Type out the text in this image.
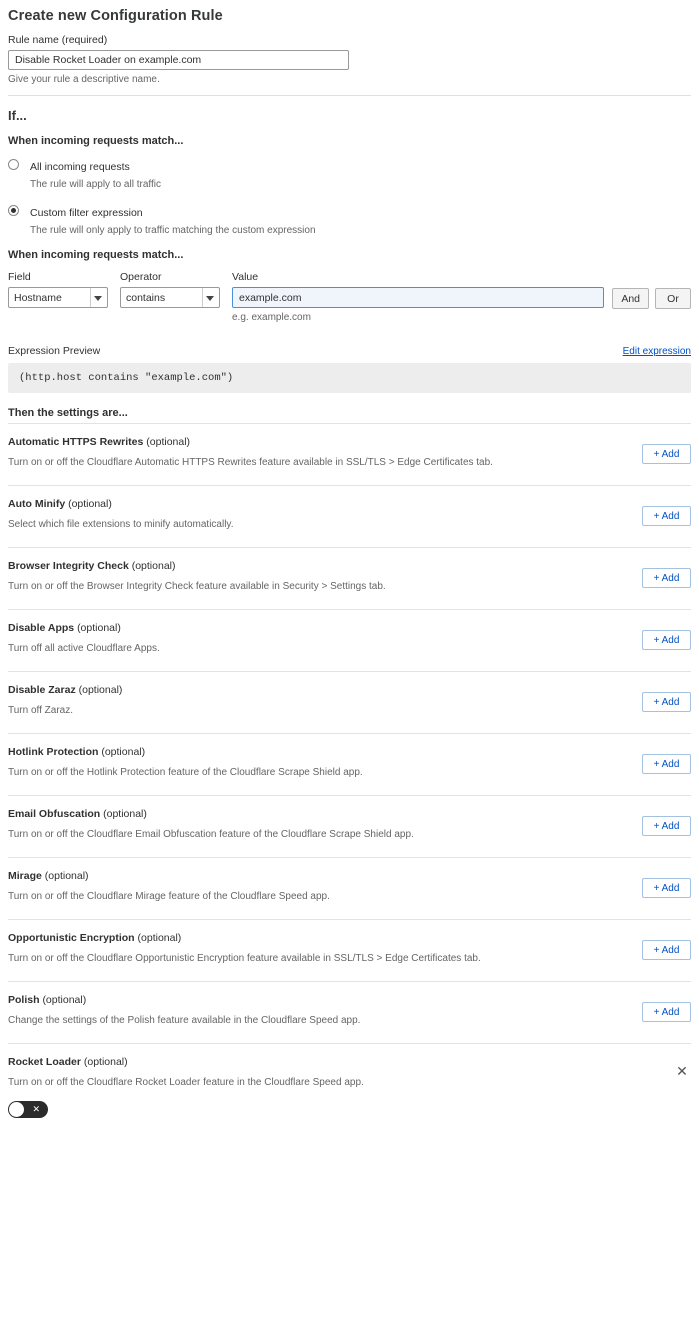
Create new Configuration Rule
Rule name (required)
Disable Rocket Loader on example.com
Give your rule a descriptive name.
If...
When incoming requests match...
All incoming requests
The rule will apply to all traffic
Custom filter expression
The rule will only apply to traffic matching the custom expression
When incoming requests match...
Field
Hostname
Operator
contains
Value
example.com
e.g. example.com
And	Or
Expression Preview	Edit expression
(http.host contains "example.com")
Then the settings are...
Automatic HTTPS Rewrites (optional)
Turn on or off the Cloudflare Automatic HTTPS Rewrites feature available in SSL/TLS > Edge Certificates tab.
+ Add
Auto Minify (optional)
Select which file extensions to minify automatically.
+ Add
Browser Integrity Check (optional)
Turn on or off the Browser Integrity Check feature available in Security > Settings tab.
+ Add
Disable Apps (optional)
Turn off all active Cloudflare Apps.
+ Add
Disable Zaraz (optional)
Turn off Zaraz.
+ Add
Hotlink Protection (optional)
Turn on or off the Hotlink Protection feature of the Cloudflare Scrape Shield app.
+ Add
Email Obfuscation (optional)
Turn on or off the Cloudflare Email Obfuscation feature of the Cloudflare Scrape Shield app.
+ Add
Mirage (optional)
Turn on or off the Cloudflare Mirage feature of the Cloudflare Speed app.
+ Add
Opportunistic Encryption (optional)
Turn on or off the Cloudflare Opportunistic Encryption feature available in SSL/TLS > Edge Certificates tab.
+ Add
Polish (optional)
Change the settings of the Polish feature available in the Cloudflare Speed app.
+ Add
Rocket Loader (optional)
Turn on or off the Cloudflare Rocket Loader feature in the Cloudflare Speed app.
✕
✕
